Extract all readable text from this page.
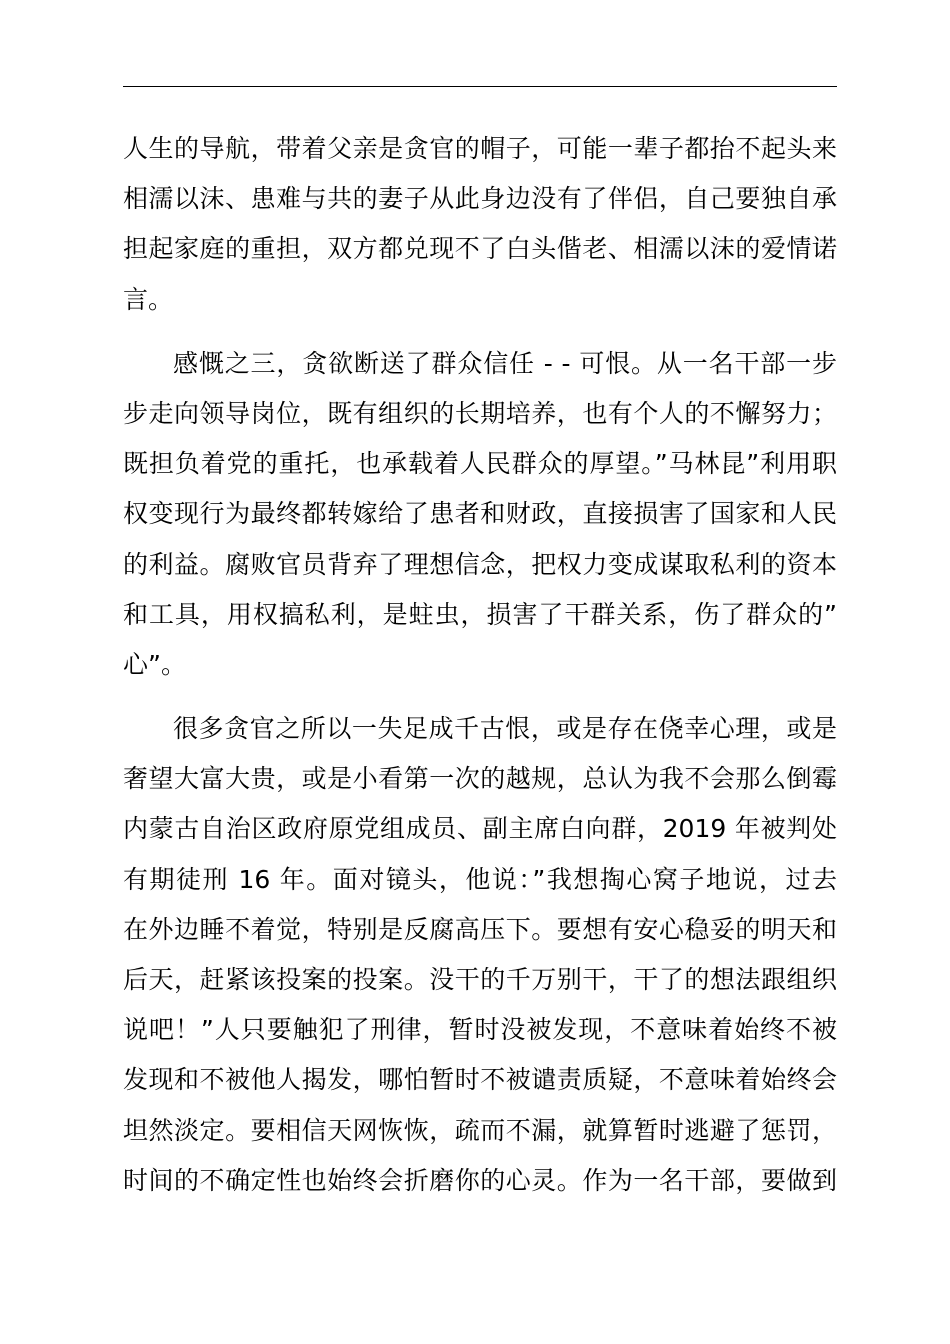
人生的导航，带着父亲是贪官的帽子，可能一辈子都抬不起头来
相濡以沫、患难与共的妻子从此身边没有了伴侣，自己要独自承
担起家庭的重担，双方都兑现不了白头偕老、相濡以沫的爱情诺
言。
感慨之三，贪欲断送了群众信任 - - 可恨。从一名干部一步
步走向领导岗位，既有组织的长期培养，也有个人的不懈努力；
既担负着党的重托，也承载着人民群众的厚望。”马林昆”利用职
权变现行为最终都转嫁给了患者和财政，直接损害了国家和人民
的利益。腐败官员背弃了理想信念，把权力变成谋取私利的资本
和工具，用权搞私利，是蛀虫，损害了干群关系，伤了群众的”
心”。
很多贪官之所以一失足成千古恨，或是存在侥幸心理，或是
奢望大富大贵，或是小看第一次的越规，总认为我不会那么倒霉
内蒙古自治区政府原党组成员、副主席白向群，2019 年被判处
有期徒刑 16 年。面对镜头，他说：”我想掏心窝子地说，过去
在外边睡不着觉，特别是反腐高压下。要想有安心稳妥的明天和
后天，赶紧该投案的投案。没干的千万别干，干了的想法跟组织
说吧！”人只要触犯了刑律，暂时没被发现，不意味着始终不被
发现和不被他人揭发，哪怕暂时不被谴责质疑，不意味着始终会
坦然淡定。要相信天网恢恢，疏而不漏，就算暂时逃避了惩罚，
时间的不确定性也始终会折磨你的心灵。作为一名干部，要做到
